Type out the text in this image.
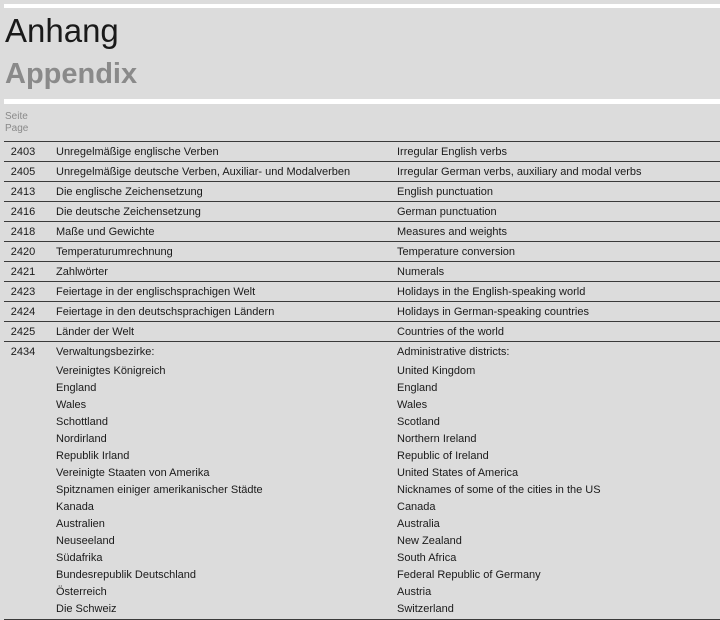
Anhang
Appendix
Seite
Page
2403	Unregelmäßige englische Verben	Irregular English verbs
2405	Unregelmäßige deutsche Verben, Auxiliar- und Modalverben	Irregular German verbs, auxiliary and modal verbs
2413	Die englische Zeichensetzung	English punctuation
2416	Die deutsche Zeichensetzung	German punctuation
2418	Maße und Gewichte	Measures and weights
2420	Temperaturumrechnung	Temperature conversion
2421	Zahlwörter	Numerals
2423	Feiertage in der englischsprachigen Welt	Holidays in the English-speaking world
2424	Feiertage in den deutschsprachigen Ländern	Holidays in German-speaking countries
2425	Länder der Welt	Countries of the world
2434	Verwaltungsbezirke:	Administrative districts:
Vereinigtes Königreich	United Kingdom
England	England
Wales	Wales
Schottland	Scotland
Nordirland	Northern Ireland
Republik Irland	Republic of Ireland
Vereinigte Staaten von Amerika	United States of America
Spitznamen einiger amerikanischer Städte	Nicknames of some of the cities in the US
Kanada	Canada
Australien	Australia
Neuseeland	New Zealand
Südafrika	South Africa
Bundesrepublik Deutschland	Federal Republic of Germany
Österreich	Austria
Die Schweiz	Switzerland
